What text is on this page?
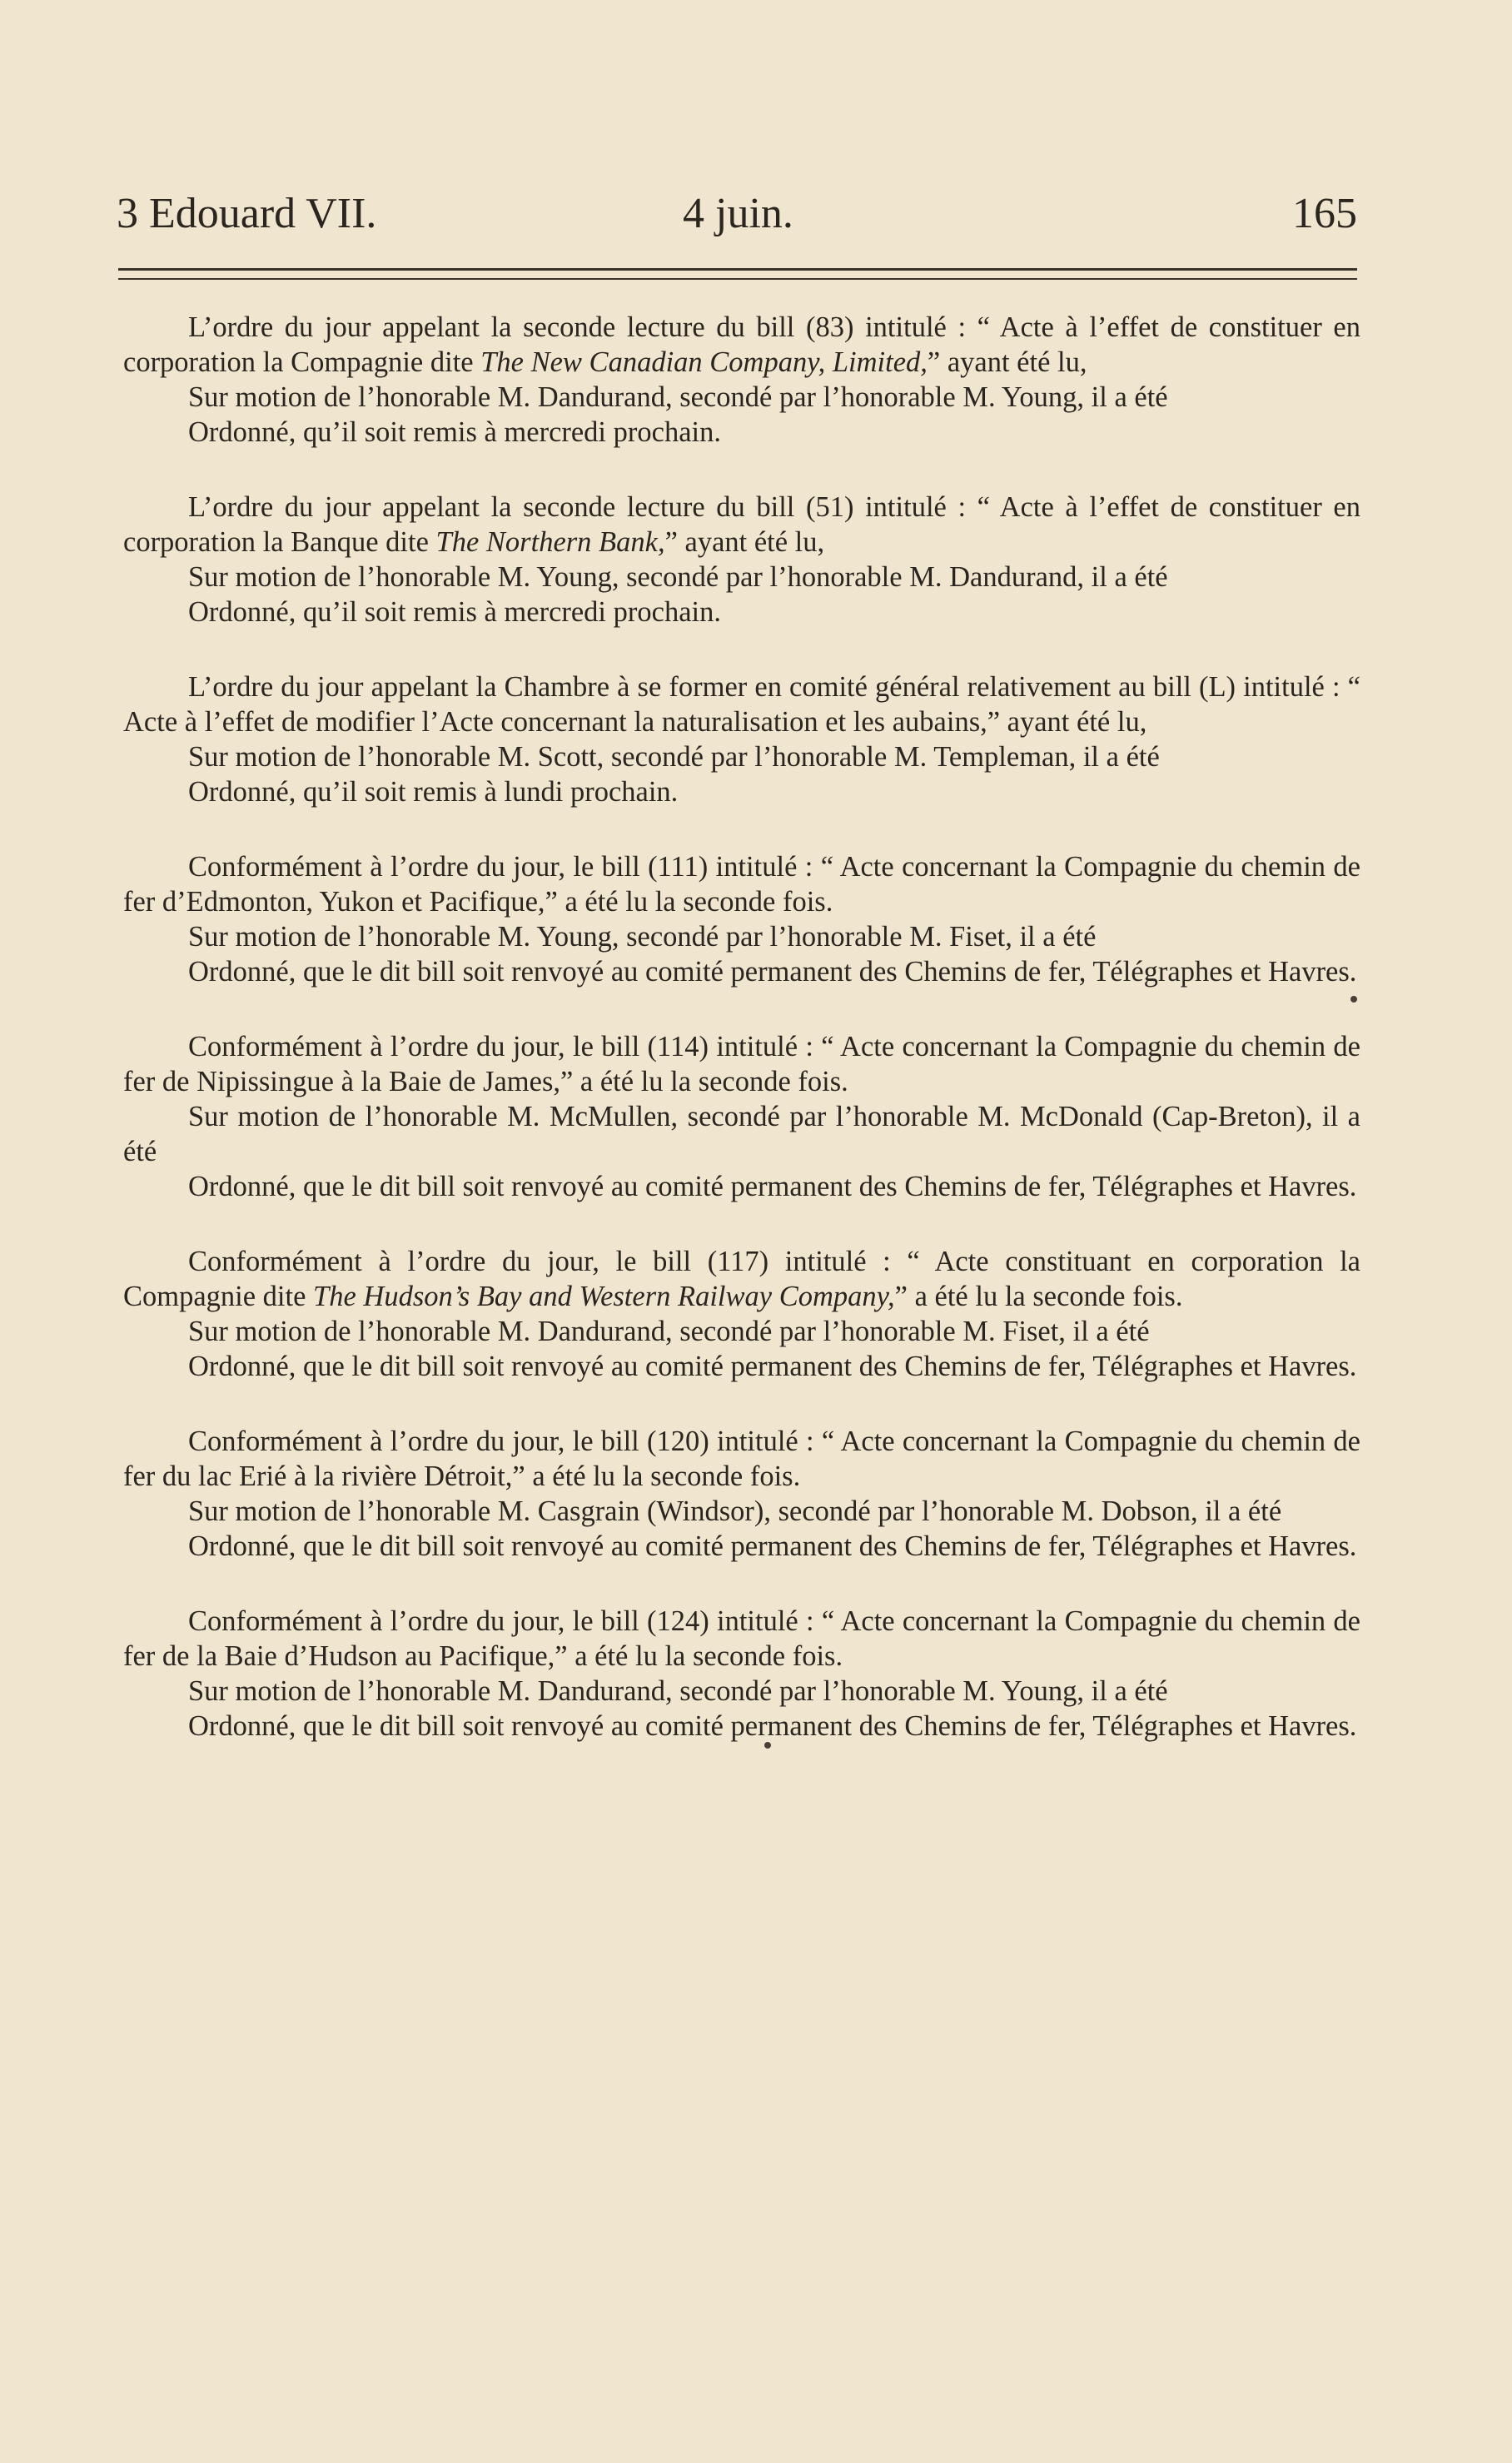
3 Edouard VII.	4 juin.	165

L’ordre du jour appelant la seconde lecture du bill (83) intitulé : “ Acte à l’effet de constituer en corporation la Compagnie dite The New Canadian Company, Limited,” ayant été lu,

Sur motion de l’honorable M. Dandurand, secondé par l’honorable M. Young, il a été

Ordonné, qu’il soit remis à mercredi prochain.

L’ordre du jour appelant la seconde lecture du bill (51) intitulé : “ Acte à l’effet de constituer en corporation la Banque dite The Northern Bank,” ayant été lu,

Sur motion de l’honorable M. Young, secondé par l’honorable M. Dandurand, il a été

Ordonné, qu’il soit remis à mercredi prochain.

L’ordre du jour appelant la Chambre à se former en comité général relativement au bill (L) intitulé : “ Acte à l’effet de modifier l’Acte concernant la naturalisation et les aubains,” ayant été lu,

Sur motion de l’honorable M. Scott, secondé par l’honorable M. Templeman, il a été

Ordonné, qu’il soit remis à lundi prochain.

Conformément à l’ordre du jour, le bill (111) intitulé : “ Acte concernant la Compagnie du chemin de fer d’Edmonton, Yukon et Pacifique,” a été lu la seconde fois.

Sur motion de l’honorable M. Young, secondé par l’honorable M. Fiset, il a été

Ordonné, que le dit bill soit renvoyé au comité permanent des Chemins de fer, Télégraphes et Havres.

Conformément à l’ordre du jour, le bill (114) intitulé : “ Acte concernant la Compagnie du chemin de fer de Nipissingue à la Baie de James,” a été lu la seconde fois.

Sur motion de l’honorable M. McMullen, secondé par l’honorable M. McDonald (Cap-Breton), il a été

Ordonné, que le dit bill soit renvoyé au comité permanent des Chemins de fer, Télégraphes et Havres.

Conformément à l’ordre du jour, le bill (117) intitulé : “ Acte constituant en corporation la Compagnie dite The Hudson’s Bay and Western Railway Company,” a été lu la seconde fois.

Sur motion de l’honorable M. Dandurand, secondé par l’honorable M. Fiset, il a été

Ordonné, que le dit bill soit renvoyé au comité permanent des Chemins de fer, Télégraphes et Havres.

Conformément à l’ordre du jour, le bill (120) intitulé : “ Acte concernant la Compagnie du chemin de fer du lac Erié à la rivière Détroit,” a été lu la seconde fois.

Sur motion de l’honorable M. Casgrain (Windsor), secondé par l’honorable M. Dobson, il a été

Ordonné, que le dit bill soit renvoyé au comité permanent des Chemins de fer, Télégraphes et Havres.

Conformément à l’ordre du jour, le bill (124) intitulé : “ Acte concernant la Compagnie du chemin de fer de la Baie d’Hudson au Pacifique,” a été lu la seconde fois.

Sur motion de l’honorable M. Dandurand, secondé par l’honorable M. Young, il a été

Ordonné, que le dit bill soit renvoyé au comité permanent des Chemins de fer, Télégraphes et Havres.
